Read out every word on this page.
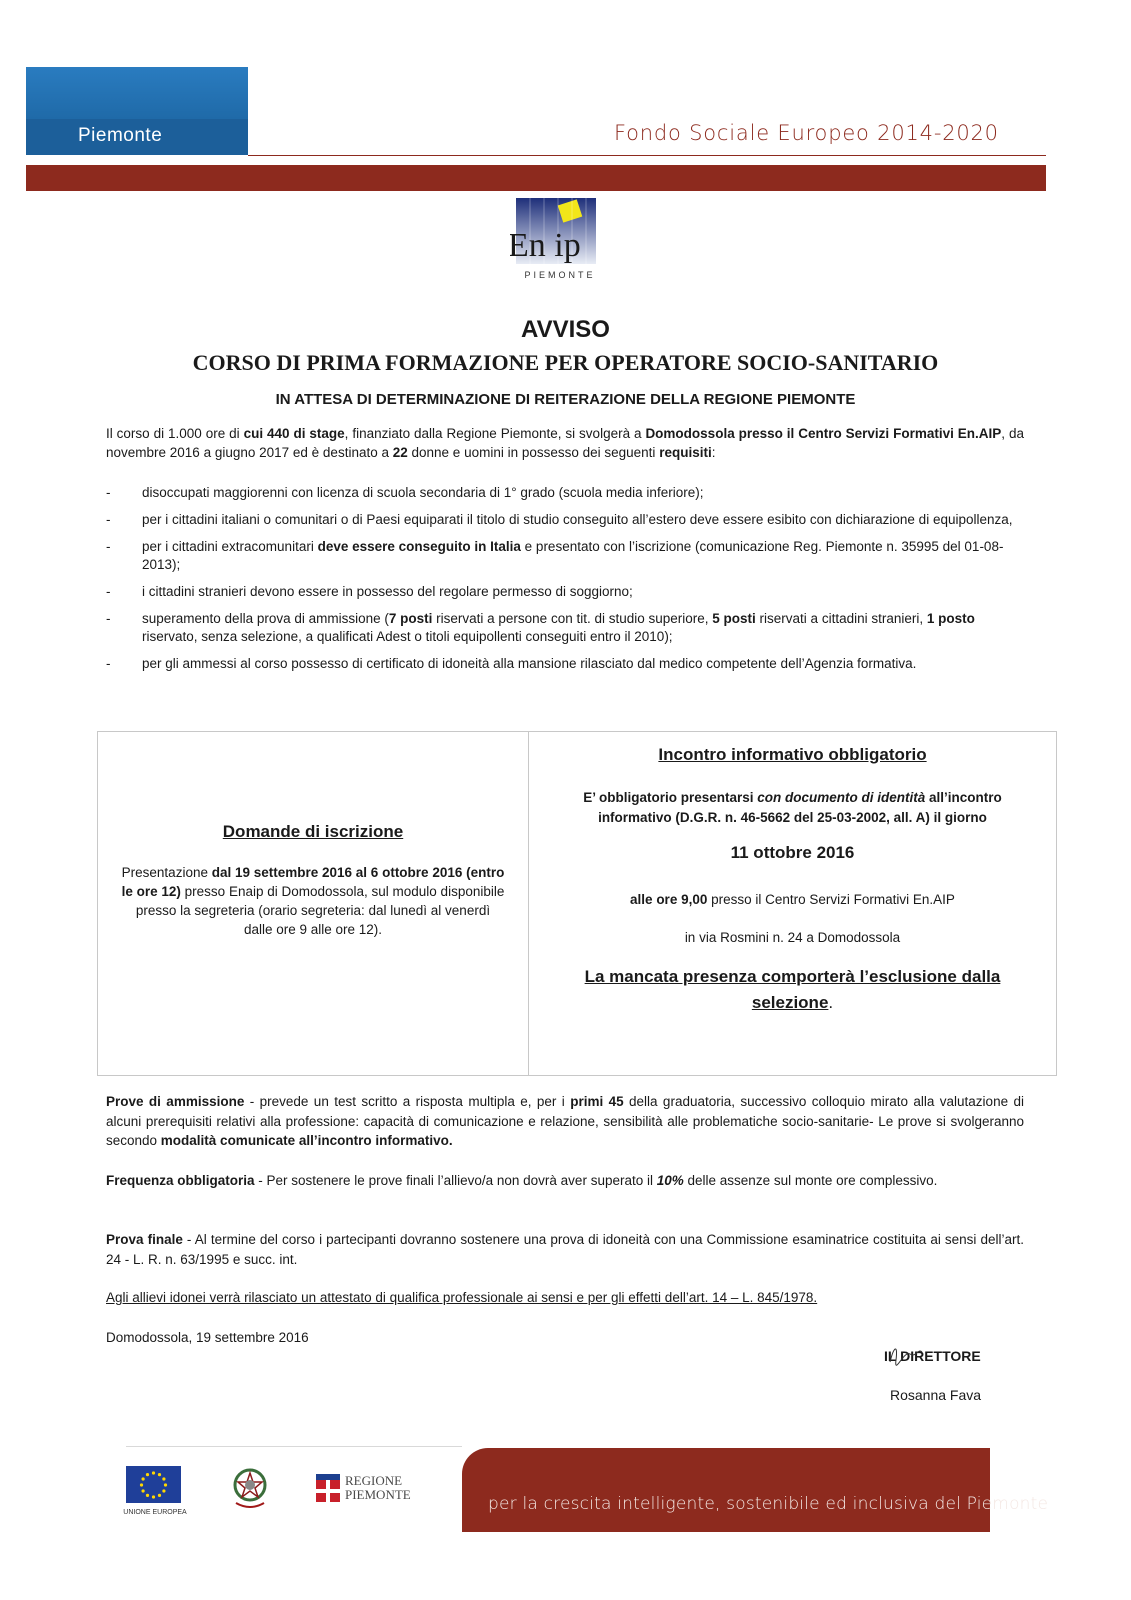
Piemonte	Fondo Sociale Europeo 2014-2020
En ip
PIEMONTE
AVVISO
CORSO DI PRIMA FORMAZIONE PER OPERATORE SOCIO-SANITARIO
IN ATTESA DI DETERMINAZIONE DI REITERAZIONE DELLA REGIONE PIEMONTE
Il corso di 1.000 ore di cui 440 di stage, finanziato dalla Regione Piemonte, si svolgerà a Domodossola presso il Centro Servizi Formativi En.AIP, da novembre 2016 a giugno 2017 ed è destinato a 22 donne e uomini in possesso dei seguenti requisiti:
- disoccupati maggiorenni con licenza di scuola secondaria di 1° grado (scuola media inferiore);
- per i cittadini italiani o comunitari o di Paesi equiparati il titolo di studio conseguito all’estero deve essere esibito con dichiarazione di equipollenza,
- per i cittadini extracomunitari deve essere conseguito in Italia e presentato con l’iscrizione (comunicazione Reg. Piemonte n. 35995 del 01-08-2013);
- i cittadini stranieri devono essere in possesso del regolare permesso di soggiorno;
- superamento della prova di ammissione (7 posti riservati a persone con tit. di studio superiore, 5 posti riservati a cittadini stranieri, 1 posto riservato, senza selezione, a qualificati Adest o titoli equipollenti conseguiti entro il 2010);
- per gli ammessi al corso possesso di certificato di idoneità alla mansione rilasciato dal medico competente dell’Agenzia formativa.
Domande di iscrizione
Presentazione dal 19 settembre 2016 al 6 ottobre 2016 (entro le ore 12) presso Enaip di Domodossola, sul modulo disponibile presso la segreteria (orario segreteria: dal lunedì al venerdì dalle ore 9 alle ore 12).
Incontro informativo obbligatorio
E’ obbligatorio presentarsi con documento di identità all’incontro informativo (D.G.R. n. 46-5662 del 25-03-2002, all. A) il giorno
11 ottobre 2016
alle ore 9,00 presso il Centro Servizi Formativi En.AIP
in via Rosmini n. 24 a Domodossola
La mancata presenza comporterà l’esclusione dalla selezione.
Prove di ammissione - prevede un test scritto a risposta multipla e, per i primi 45 della graduatoria, successivo colloquio mirato alla valutazione di alcuni prerequisiti relativi alla professione: capacità di comunicazione e relazione, sensibilità alle problematiche socio-sanitarie- Le prove si svolgeranno secondo modalità comunicate all’incontro informativo.
Frequenza obbligatoria - Per sostenere le prove finali l’allievo/a non dovrà aver superato il 10% delle assenze sul monte ore complessivo.
Prova finale - Al termine del corso i partecipanti dovranno sostenere una prova di idoneità con una Commissione esaminatrice costituita ai sensi dell’art. 24 - L. R. n. 63/1995 e succ. int.
Agli allievi idonei verrà rilasciato un attestato di qualifica professionale ai sensi e per gli effetti dell’art. 14 – L. 845/1978.
Domodossola, 19 settembre 2016
IL DIRETTORE
Rosanna Fava
UNIONE EUROPEA
REGIONE
PIEMONTE	per la crescita intelligente, sostenibile ed inclusiva del Piemonte
